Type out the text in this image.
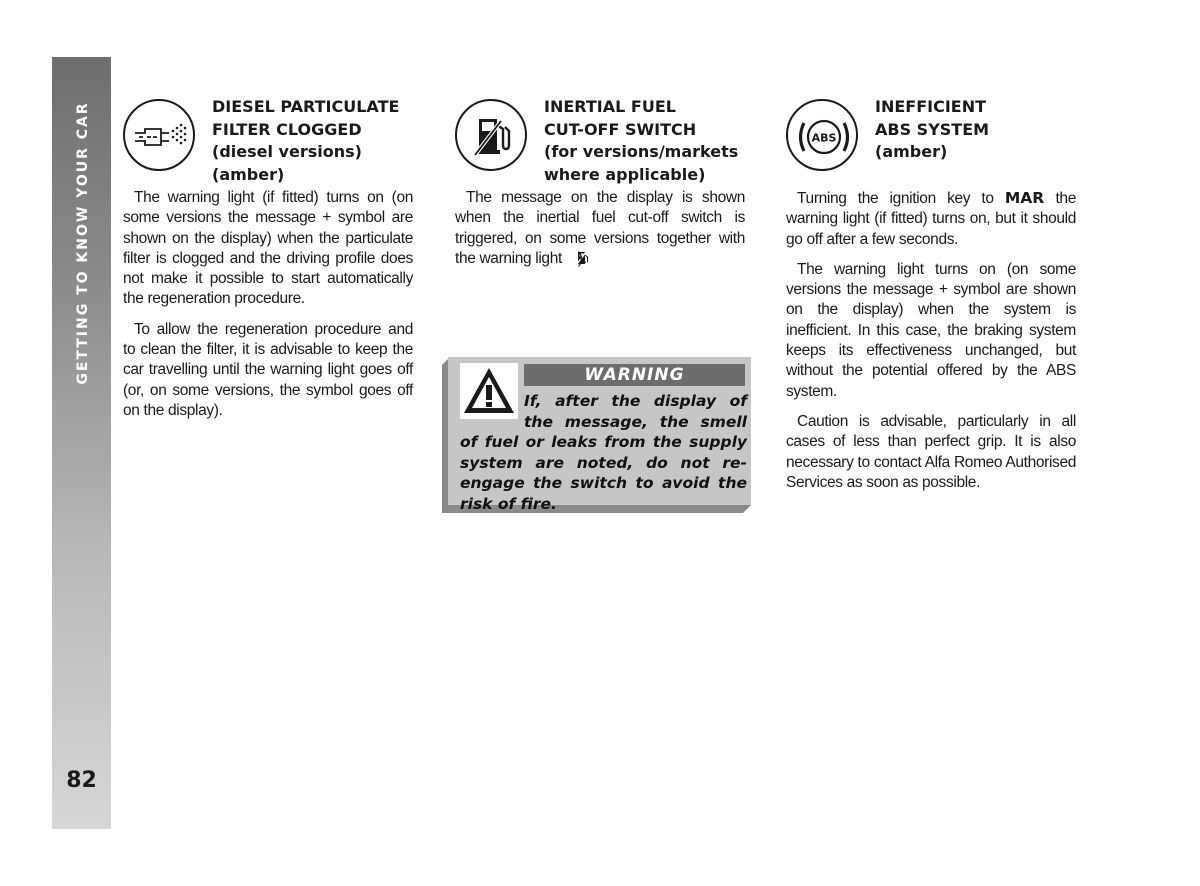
GETTING TO KNOW YOUR CAR
82
DIESEL PARTICULATE
FILTER CLOGGED
(diesel versions)
(amber)

The warning light (if fitted) turns on (on some versions the message + symbol are shown on the display) when the particulate filter is clogged and the driving profile does not make it possible to start automatically the regeneration procedure.

To allow the regeneration procedure and to clean the filter, it is advisable to keep the car travelling until the warning light goes off (or, on some versions, the symbol goes off on the display).

INERTIAL FUEL
CUT-OFF SWITCH
(for versions/markets
where applicable)

The message on the display is shown when the inertial fuel cut-off switch is triggered, on some versions together with the warning light ).

WARNING
If, after the display of the message, the smell of fuel or leaks from the supply system are noted, do not re-engage the switch to avoid the risk of fire.
ABS
INEFFICIENT
ABS SYSTEM
(amber)

Turning the ignition key to MAR the warning light (if fitted) turns on, but it should go off after a few seconds.

The warning light turns on (on some versions the message + symbol are shown on the display) when the system is inefficient. In this case, the braking system keeps its effectiveness unchanged, but without the potential offered by the ABS system.

Caution is advisable, particularly in all cases of less than perfect grip. It is also necessary to contact Alfa Romeo Authorised Services as soon as possible.
